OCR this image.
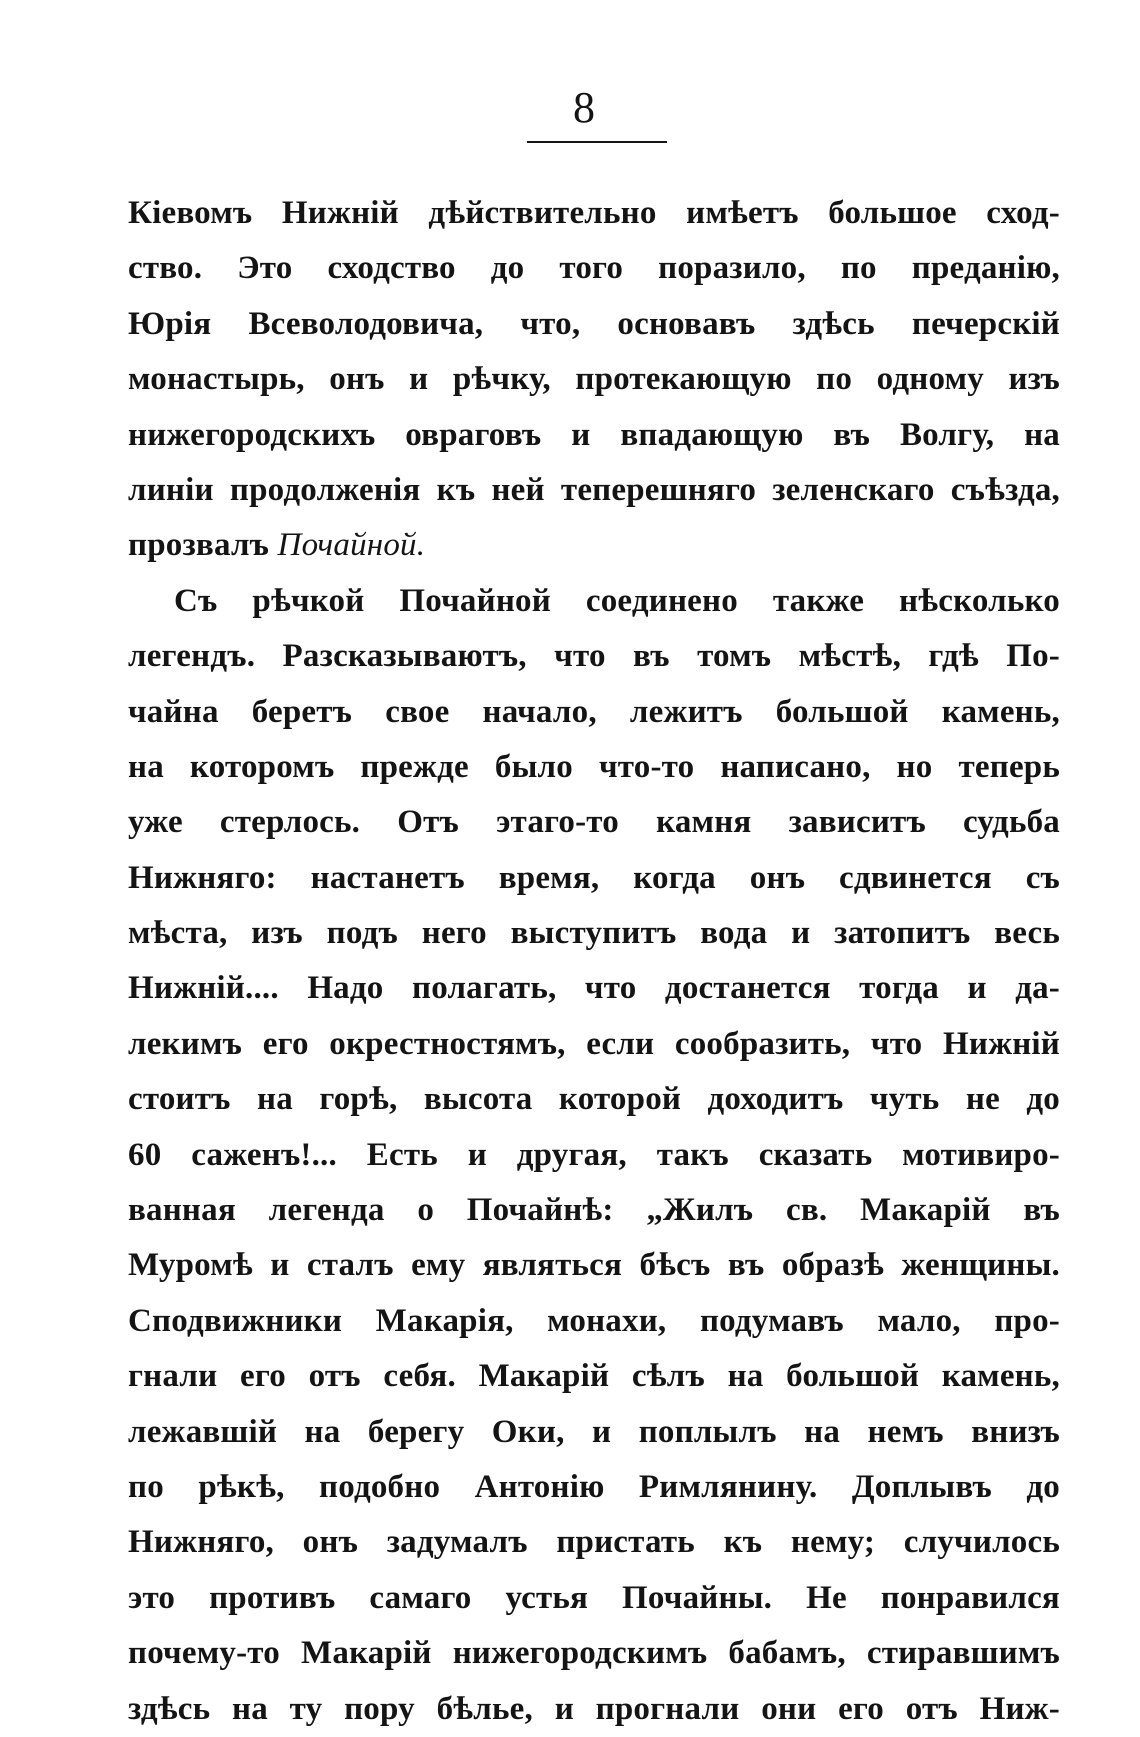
8
Кіевомъ Нижній дѣйствительно имѣетъ большое сход-
ство. Это сходство до того поразило, по преданію,
Юрія Всеволодовича, что, основавъ здѣсь печерскій
монастырь, онъ и рѣчку, протекающую по одному изъ
нижегородскихъ овраговъ и впадающую въ Волгу, на
линіи продолженія къ ней теперешняго зеленскаго съѣзда,
прозвалъ Почайной.
Съ рѣчкой Почайной соединено также нѣсколько
легендъ. Разсказываютъ, что въ томъ мѣстѣ, гдѣ По-
чайна беретъ свое начало, лежитъ большой камень,
на которомъ прежде было что-то написано, но теперь
уже стерлось. Отъ этаго-то камня зависитъ судьба
Нижняго: настанетъ время, когда онъ сдвинется съ
мѣста, изъ подъ него выступитъ вода и затопитъ весь
Нижній.... Надо полагать, что достанется тогда и да-
лекимъ его окрестностямъ, если сообразить, что Нижній
стоитъ на горѣ, высота которой доходитъ чуть не до
60 саженъ!... Есть и другая, такъ сказать мотивиро-
ванная легенда о Почайнѣ: „Жилъ св. Макарій въ
Муромѣ и сталъ ему являться бѣсъ въ образѣ женщины.
Сподвижники Макарія, монахи, подумавъ мало, про-
гнали его отъ себя. Макарій сѣлъ на большой камень,
лежавшій на берегу Оки, и поплылъ на немъ внизъ
по рѣкѣ, подобно Антонію Римлянину. Доплывъ до
Нижняго, онъ задумалъ пристать къ нему; случилось
это противъ самаго устья Почайны. Не понравился
почему-то Макарій нижегородскимъ бабамъ, стиравшимъ
здѣсь на ту пору бѣлье, и прогнали они его отъ Ниж-
